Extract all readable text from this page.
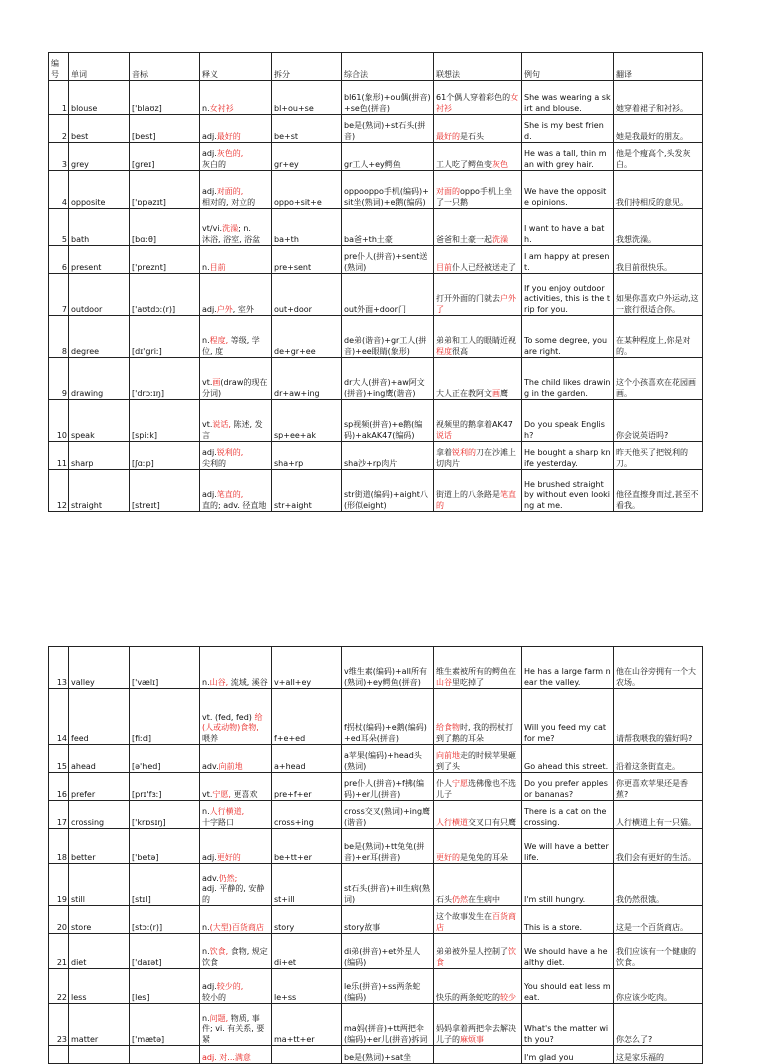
编
号	单词	音标	释义	拆分	综合法	联想法	例句	翻译
1	blouse	['blaʊz]	n.女衬衫	bl+ou+se	bl61(象形)+ou偶(拼音)+se色(拼音)	61个偶人穿着彩色的女衬衫	She was wearing a skirt and blouse.	她穿着裙子和衬衫。
2	best	[best]	adj.最好的	be+st	be是(熟词)+st石头(拼音)	最好的是石头	She is my best friend.	她是我最好的朋友。
3	grey	[greɪ]	adj.灰色的,
灰白的	gr+ey	gr工人+ey鳄鱼	工人吃了鳄鱼变灰色	He was a tall, thin man with grey hair.	他是个瘦高个,头发灰白。
4	opposite	['ɒpəzɪt]	adj.对面的,
相对的, 对立的	oppo+sit+e	oppooppo手机(编码)+sit坐(熟词)+e鹅(编码)	对面的oppo手机上坐了一只鹅	We have the opposite opinions.	我们持相反的意见。
5	bath	[bɑːθ]	vt/vi.洗澡; n.
沐浴, 浴室, 浴盆	ba+th	ba爸+th土豪	爸爸和土豪一起洗澡	I want to have a bath.	我想洗澡。
6	present	['preznt]	n.目前	pre+sent	pre仆人(拼音)+sent送(熟词)	目前仆人已经被送走了	I am happy at present.	我目前很快乐。
7	outdoor	['aʊtdɔː(r)]	adj.户外, 室外	out+door	out外面+door门	打开外面的门就去户外了	If you enjoy outdoor activities, this is the trip for you.	如果你喜欢户外运动,这一旅行很适合你。
8	degree	[dɪ'griː]	n.程度, 等级, 学位, 度	de+gr+ee	de弟(谐音)+gr工人(拼音)+ee眼睛(象形)	弟弟和工人的眼睛近视程度很高	To some degree, you are right.	在某种程度上,你是对的。
9	drawing	['drɔːɪŋ]	vt.画(draw的现在分词)	dr+aw+ing	dr大人(拼音)+aw阿文(拼音)+ing鹰(谐音)	大人正在教阿文画鹰	The child likes drawing in the garden.	这个小孩喜欢在花园画画。
10	speak	[spiːk]	vt.说话, 陈述, 发言	sp+ee+ak	sp视频(拼音)+e鹅(编码)+akAK47(编码)	视频里的鹅拿着AK47说话	Do you speak English?	你会说英语吗?
11	sharp	[ʃɑːp]	adj.锐利的,
尖利的	sha+rp	sha沙+rp肉片	拿着锐利的刀在沙滩上切肉片	He bought a sharp knife yesterday.	昨天他买了把锐利的刀。
12	straight	[streɪt]	adj.笔直的,
直的; adv. 径直地	str+aight	str街道(编码)+aight八(形似eight)	街道上的八条路是笔直的	He brushed straight by without even looking at me.	他径直擦身而过,甚至不看我。
13	valley	['vælɪ]	n.山谷, 流域, 溪谷	v+all+ey	v维生素(编码)+all所有(熟词)+ey鳄鱼(拼音)	维生素被所有的鳄鱼在山谷里吃掉了	He has a large farm near the valley.	他在山谷旁拥有一个大农场。
14	feed	[fiːd]	vt. (fed, fed) 给(人或动物)食物,
喂养	f+e+ed	f拐杖(编码)+e鹅(编码)+ed耳朵(拼音)	给食物时, 我的拐杖打到了鹅的耳朵	Will you feed my cat for me?	请帮我喂我的猫好吗?
15	ahead	[ə'hed]	adv.向前地	a+head	a苹果(编码)+head头(熟词)	向前地走的时候苹果砸到了头	Go ahead this street.	沿着这条街直走。
16	prefer	[prɪ'fɜː]	vt.宁愿, 更喜欢	pre+f+er	pre仆人(拼音)+f拂(编码)+er儿(拼音)	仆人宁愿选佛像也不选儿子	Do you prefer apples or bananas?	你更喜欢苹果还是香蕉?
17	crossing	['krɒsɪŋ]	n.人行横道,
十字路口	cross+ing	cross交叉(熟词)+ing鹰(谐音)	人行横道交叉口有只鹰	There is a cat on the crossing.	人行横道上有一只猫。
18	better	['betə]	adj.更好的	be+tt+er	be是(熟词)+tt兔兔(拼音)+er耳(拼音)	更好的是兔兔的耳朵	We will have a better life.	我们会有更好的生活。
19	still	[stɪl]	adv.仍然;
adj. 平静的, 安静的	st+ill	st石头(拼音)+ill生病(熟词)	石头仍然在生病中	I'm still hungry.	我仍然很饿。
20	store	[stɔː(r)]	n.(大型)百货商店	story	story故事	这个故事发生在百货商店	This is a store.	这是一个百货商店。
21	diet	['daɪət]	n.饮食, 食物, 规定饮食	di+et	di弟(拼音)+et外星人(编码)	弟弟被外星人控制了饮食	We should have a healthy diet.	我们应该有一个健康的饮食。
22	less	[les]	adj.较少的,
较小的	le+ss	le乐(拼音)+ss两条蛇(编码)	快乐的两条蛇吃的较少	You should eat less meat.	你应该少吃肉。
23	matter	['mætə]	n.问题, 物质, 事件; vi. 有关系, 要紧	ma+tt+er	ma妈(拼音)+tt两把伞(编码)+er儿(拼音)拆词	妈妈拿着两把伞去解决儿子的麻烦事	What's the matter with you?	你怎么了?
			adj. 对...满意		be是(熟词)+sat坐		I'm glad you	这是家乐福的
